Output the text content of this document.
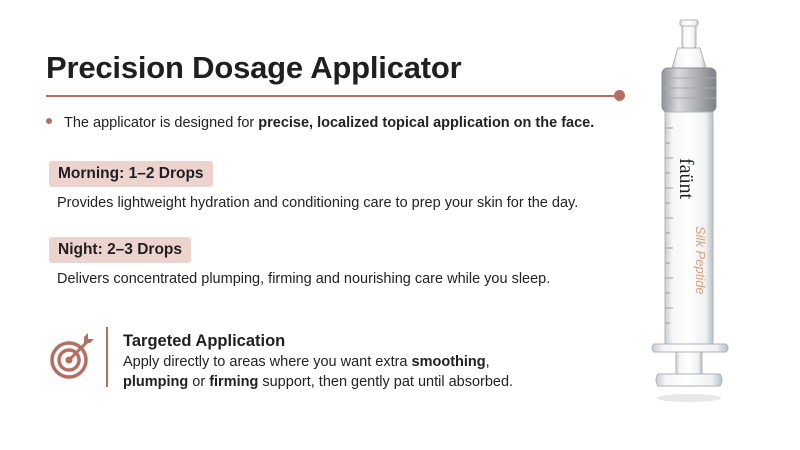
Precision Dosage Applicator
The applicator is designed for precise, localized topical application on the face.
Morning: 1–2 Drops
Provides lightweight hydration and conditioning care to prep your skin for the day.
Night: 2–3 Drops
Delivers concentrated plumping, firming and nourishing care while you sleep.
Targeted Application
Apply directly to areas where you want extra smoothing,
plumping or firming support, then gently pat until absorbed.
faünt
Silk Peptide
